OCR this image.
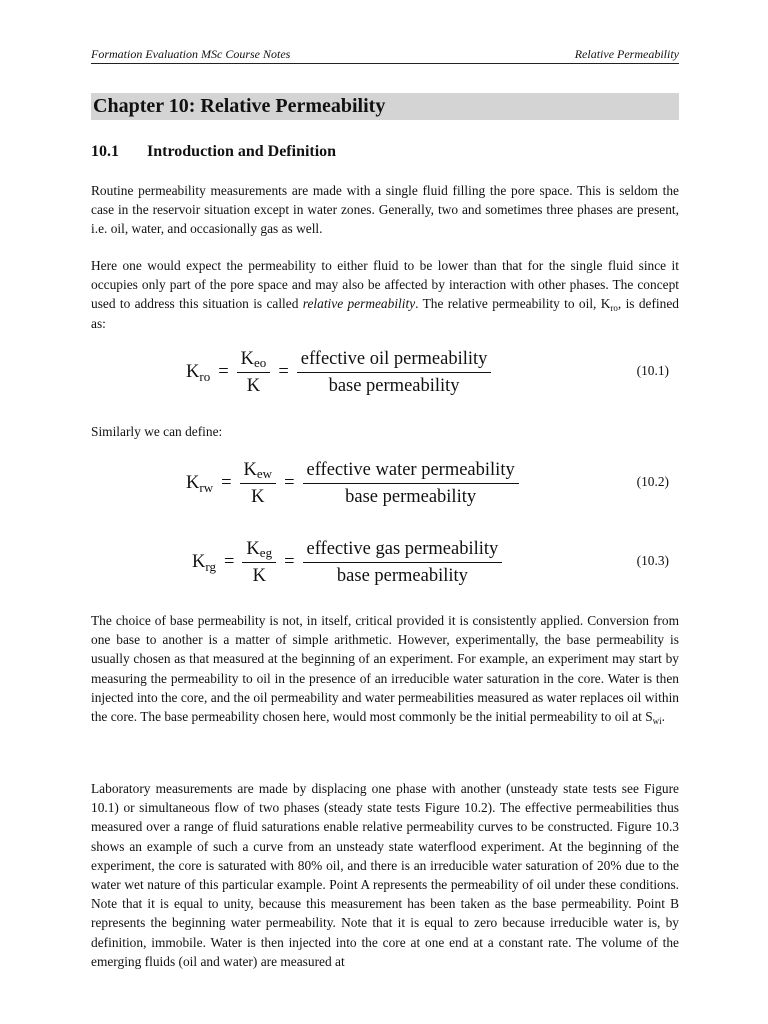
Formation Evaluation MSc Course Notes	Relative Permeability
Chapter 10: Relative Permeability
10.1 Introduction and Definition

Routine permeability measurements are made with a single fluid filling the pore space. This is seldom the case in the reservoir situation except in water zones. Generally, two and sometimes three phases are present, i.e. oil, water, and occasionally gas as well.

Here one would expect the permeability to either fluid to be lower than that for the single fluid since it occupies only part of the pore space and may also be affected by interaction with other phases. The concept used to address this situation is called relative permeability. The relative permeability to oil, $K_{ro}$, is defined as:

$K_{ro} = \frac{K_{eo}}{K} = \frac{\text{effective oil permeability}}{\text{base permeability}}$	(10.1)

Similarly we can define:

$K_{rw} = \frac{K_{ew}}{K} = \frac{\text{effective water permeability}}{\text{base permeability}}$	(10.2)
$K_{rg} = \frac{K_{eg}}{K} = \frac{\text{effective gas permeability}}{\text{base permeability}}$	(10.3)

The choice of base permeability is not, in itself, critical provided it is consistently applied. Conversion from one base to another is a matter of simple arithmetic. However, experimentally, the base permeability is usually chosen as that measured at the beginning of an experiment. For example, an experiment may start by measuring the permeability to oil in the presence of an irreducible water saturation in the core. Water is then injected into the core, and the oil permeability and water permeabilities measured as water replaces oil within the core. The base permeability chosen here, would most commonly be the initial permeability to oil at $S_{wi}$.

Laboratory measurements are made by displacing one phase with another (unsteady state tests see Figure 10.1) or simultaneous flow of two phases (steady state tests Figure 10.2). The effective permeabilities thus measured over a range of fluid saturations enable relative permeability curves to be constructed. Figure 10.3 shows an example of such a curve from an unsteady state waterflood experiment. At the beginning of the experiment, the core is saturated with 80% oil, and there is an irreducible water saturation of 20% due to the water wet nature of this particular example. Point A represents the permeability of oil under these conditions. Note that it is equal to unity, because this measurement has been taken as the base permeability. Point B represents the beginning water permeability. Note that it is equal to zero because irreducible water is, by definition, immobile. Water is then injected into the core at one end at a constant rate. The volume of the emerging fluids (oil and water) are measured at
